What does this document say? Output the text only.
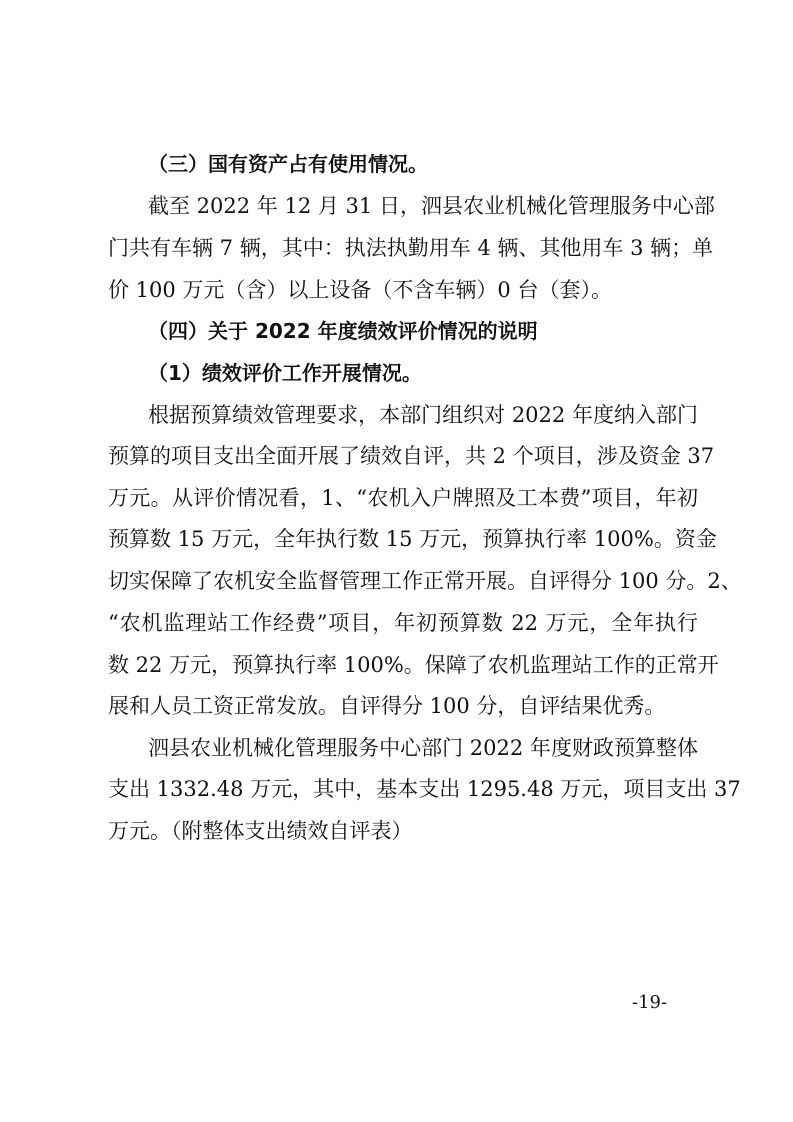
（三）国有资产占有使用情况。
截至 2022 年 12 月 31 日，泗县农业机械化管理服务中心部
门共有车辆 7 辆，其中：执法执勤用车 4 辆、其他用车 3 辆；单
价 100 万元（含）以上设备（不含车辆）0 台（套）。
（四）关于 2022 年度绩效评价情况的说明
（1）绩效评价工作开展情况。
根据预算绩效管理要求，本部门组织对 2022 年度纳入部门
预算的项目支出全面开展了绩效自评，共 2 个项目，涉及资金 37
万元。从评价情况看，1、“农机入户牌照及工本费”项目，年初
预算数 15 万元，全年执行数 15 万元，预算执行率 100%。资金
切实保障了农机安全监督管理工作正常开展。自评得分 100 分。2、
“农机监理站工作经费”项目，年初预算数 22 万元，全年执行
数 22 万元，预算执行率 100%。保障了农机监理站工作的正常开
展和人员工资正常发放。自评得分 100 分，自评结果优秀。
泗县农业机械化管理服务中心部门 2022 年度财政预算整体
支出 1332.48 万元，其中，基本支出 1295.48 万元，项目支出 37
万元。（附整体支出绩效自评表）
-19-
